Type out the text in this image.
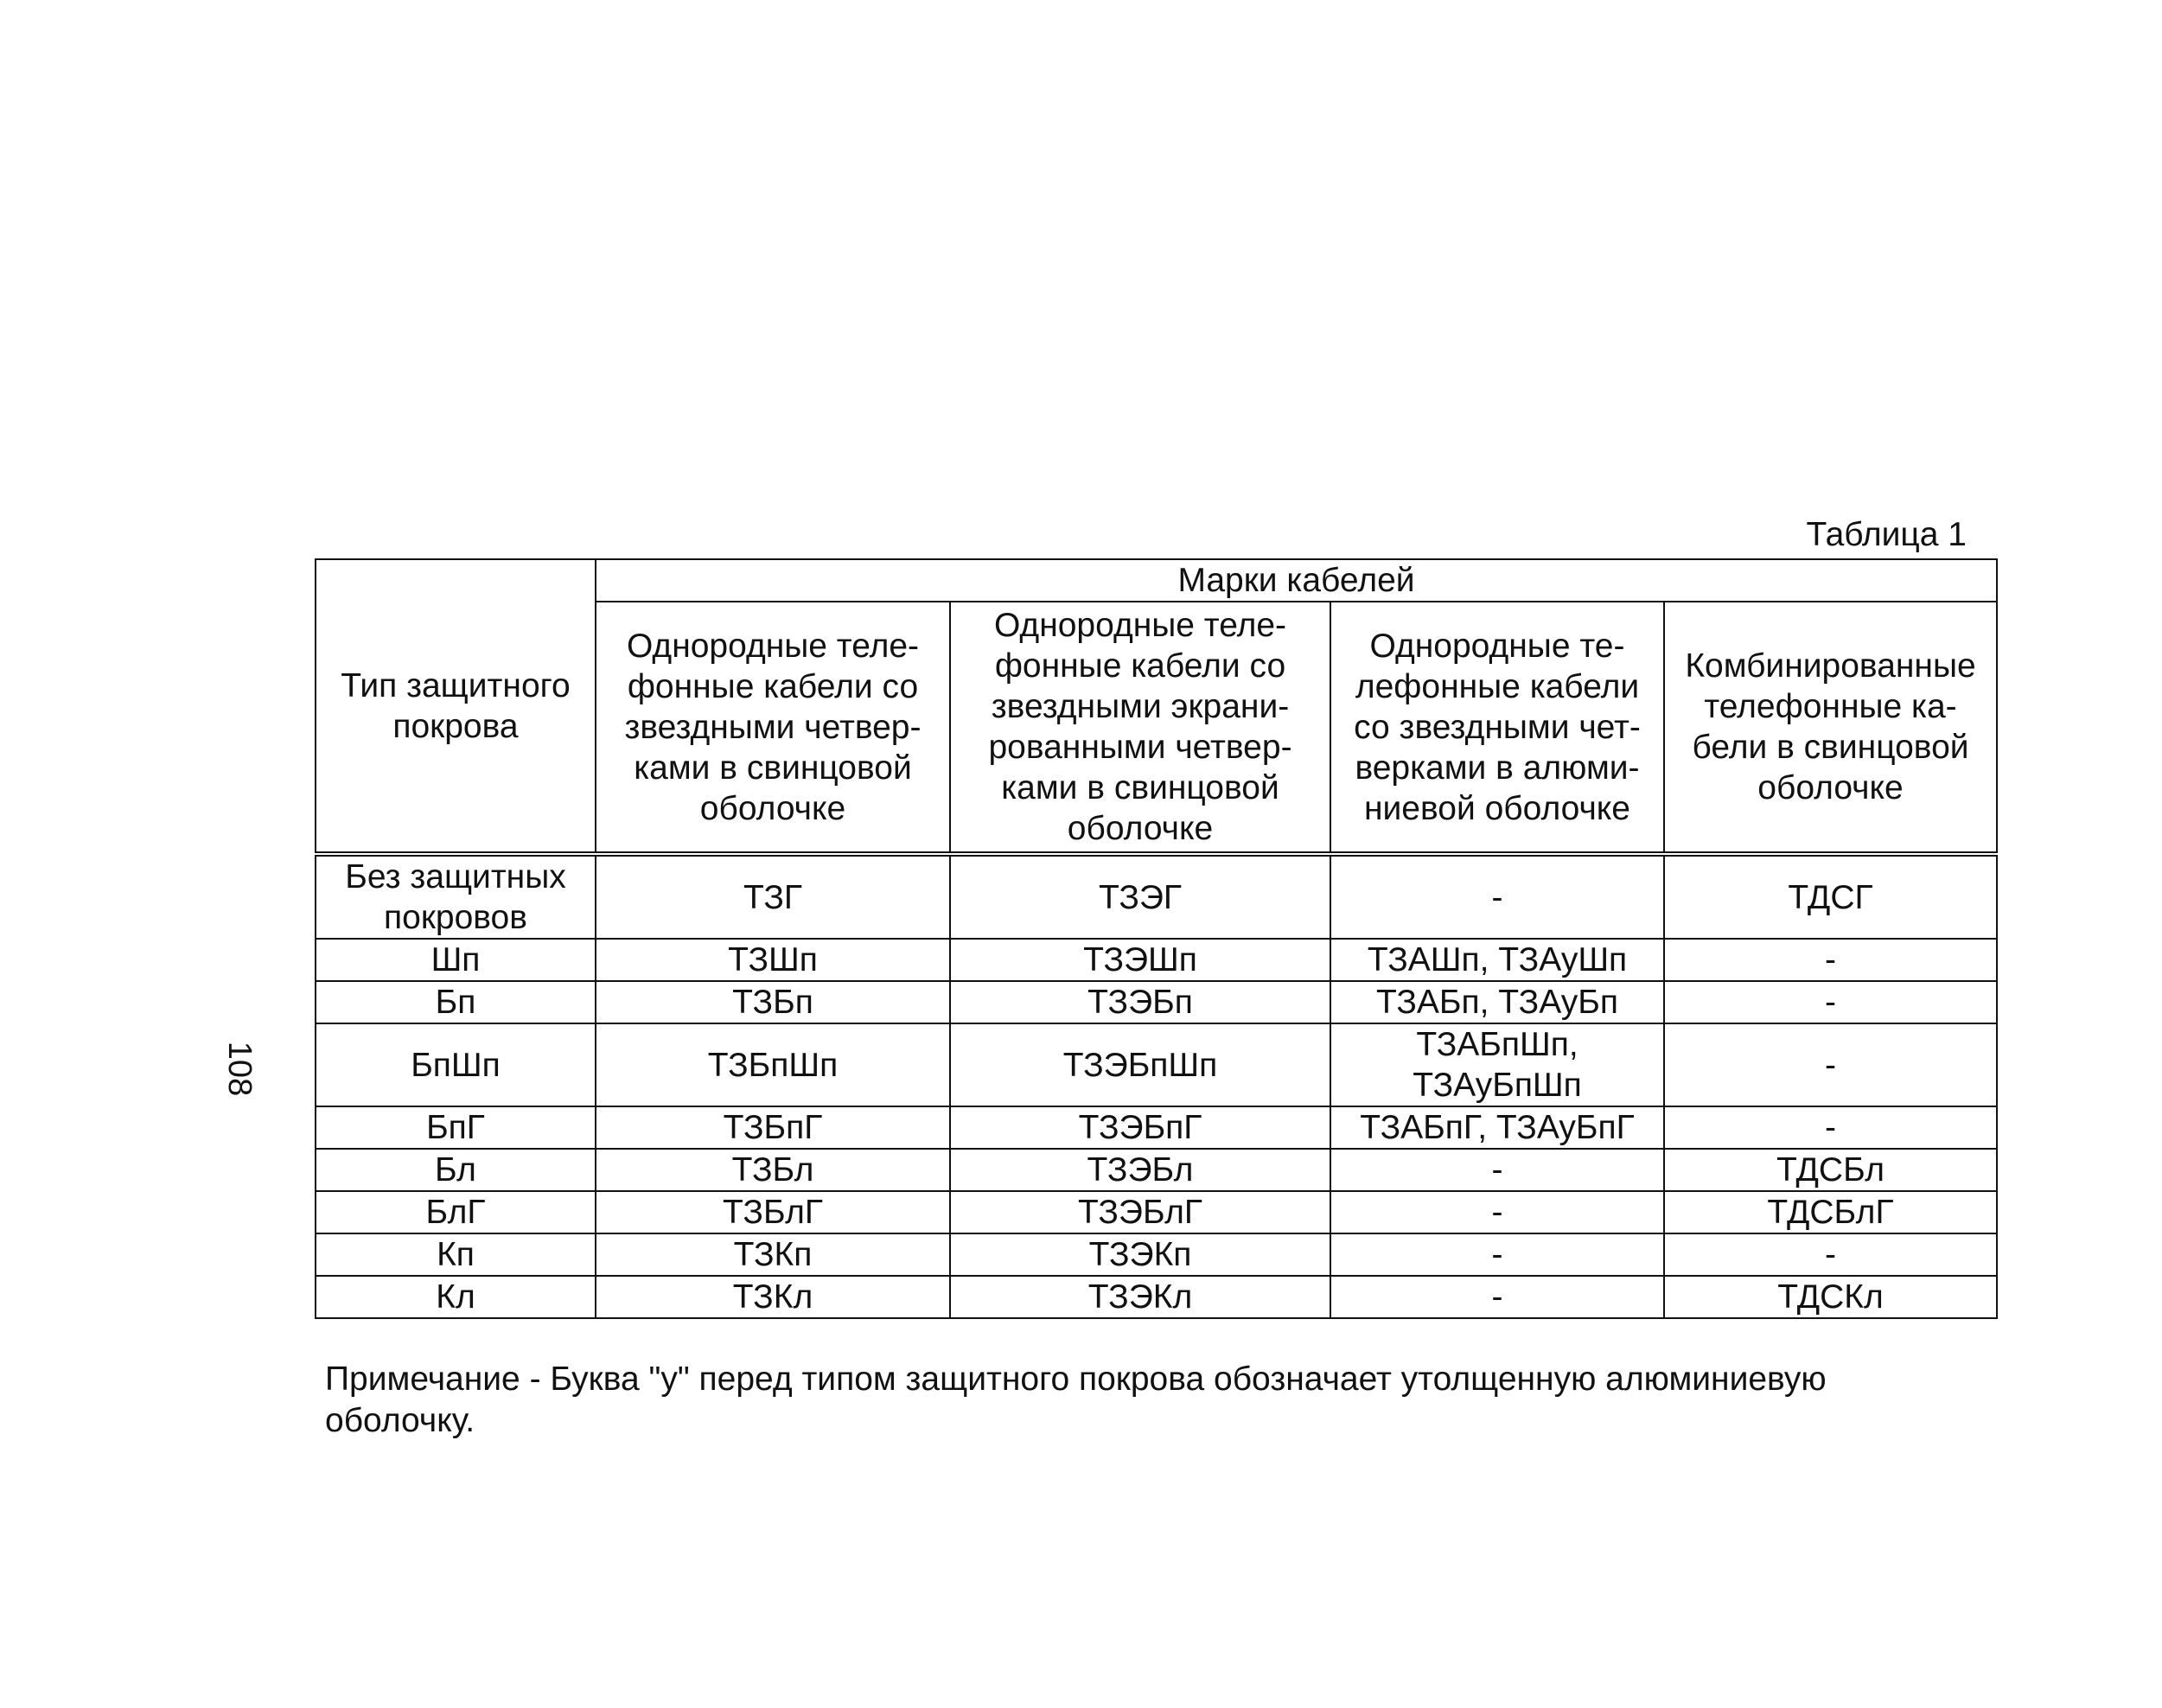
108
Таблица 1
Тип защитного покрова	Марки кабелей			
	Однородные теле-фонные кабели со звездными четвер-ками в свинцовой оболочке	Однородные теле-фонные кабели со звездными экрани-рованными четвер-ками в свинцовой оболочке	Однородные те-лефонные кабели со звездными чет-верками в алюми-ниевой оболочке	Комбинированные телефонные ка-бели в свинцовой оболочке
Без защитных покровов	ТЗГ	ТЗЭГ	-	ТДСГ
Шп	ТЗШп	ТЗЭШп	ТЗАШп, ТЗАуШп	-
Бп	ТЗБп	ТЗЭБп	ТЗАБп, ТЗАуБп	-
БпШп	ТЗБпШп	ТЗЭБпШп	ТЗАБпШп, ТЗАуБпШп	-
БпГ	ТЗБпГ	ТЗЭБпГ	ТЗАБпГ, ТЗАуБпГ	-
Бл	ТЗБл	ТЗЭБл	-	ТДСБл
БлГ	ТЗБлГ	ТЗЭБлГ	-	ТДСБлГ
Кп	ТЗКп	ТЗЭКп	-	-
Кл	ТЗКл	ТЗЭКл	-	ТДСКл
Примечание - Буква "у" перед типом защитного покрова обозначает утолщенную алюминиевую оболочку.
